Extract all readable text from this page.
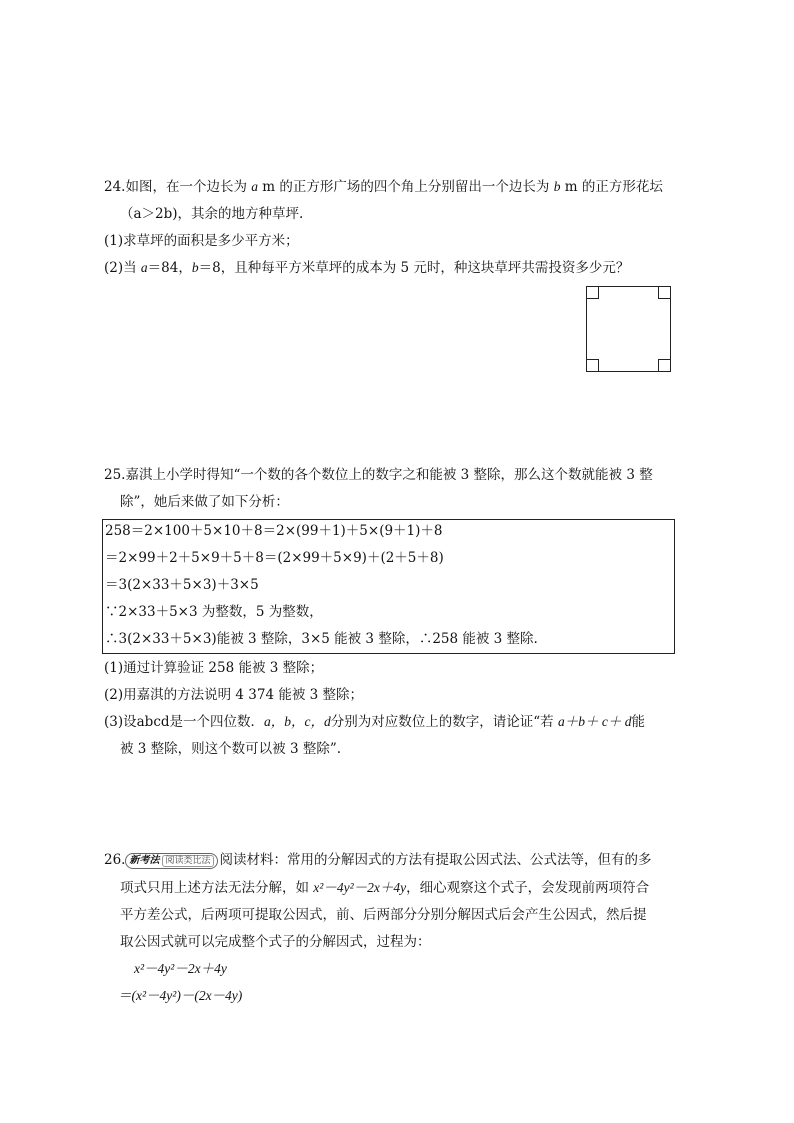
24.如图，在一个边长为 a m 的正方形广场的四个角上分别留出一个边长为 b m 的正方形花坛
（a＞2b)，其余的地方种草坪.
(1)求草坪的面积是多少平方米；
(2)当 a＝84，b＝8，且种每平方米草坪的成本为 5 元时，种这块草坪共需投资多少元？
25.嘉淇上小学时得知“一个数的各个数位上的数字之和能被 3 整除，那么这个数就能被 3 整
除”，她后来做了如下分析：
258＝2×100＋5×10＋8＝2×(99＋1)＋5×(9＋1)＋8
＝2×99＋2＋5×9＋5＋8＝(2×99＋5×9)＋(2＋5＋8)
＝3(2×33＋5×3)＋3×5
∵2×33＋5×3 为整数，5 为整数，
∴3(2×33＋5×3)能被 3 整除，3×5 能被 3 整除，∴258 能被 3 整除.
(1)通过计算验证 258 能被 3 整除；
(2)用嘉淇的方法说明 4 374 能被 3 整除；
(3)设abcd是一个四位数．a，b，c，d分别为对应数位上的数字，请论证“若 a＋b＋ c＋ d能
被 3 整除，则这个数可以被 3 整除”.
26. 新考法 阅读类比法 阅读材料：常用的分解因式的方法有提取公因式法、公式法等，但有的多
项式只用上述方法无法分解，如 x²－4y²－2x＋4y，细心观察这个式子，会发现前两项符合
平方差公式，后两项可提取公因式，前、后两部分分别分解因式后会产生公因式，然后提
取公因式就可以完成整个式子的分解因式，过程为：
x²－4y²－2x＋4y
＝(x²－4y²)－(2x－4y)
